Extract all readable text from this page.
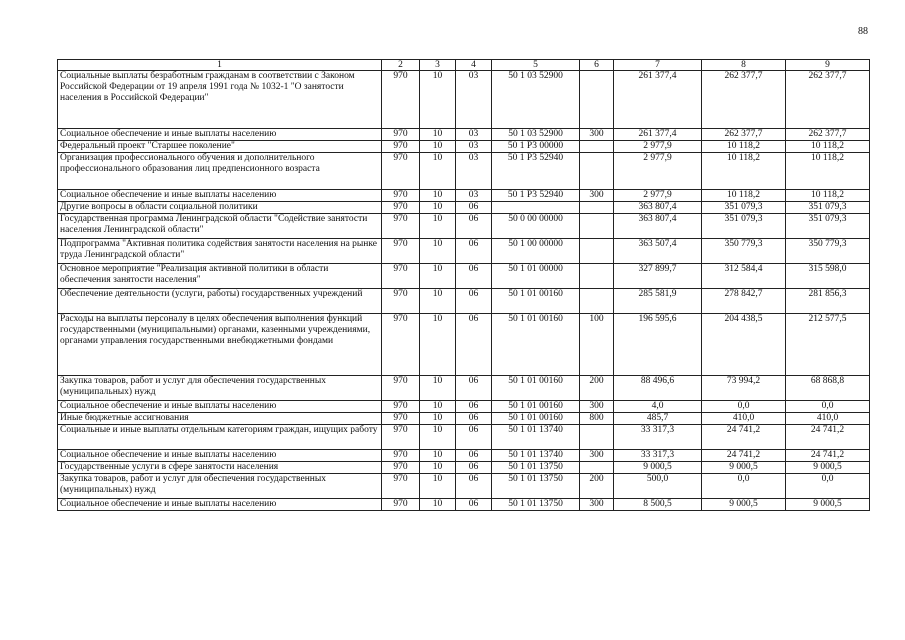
88
1	2	3	4	5	6	7	8	9
Социальные выплаты безработным гражданам в соответствии с Законом Российской Федерации от 19 апреля 1991 года № 1032-1 "О занятости населения в Российской Федерации"	970	10	03	50 1 03 52900		261 377,4	262 377,7	262 377,7
Социальное обеспечение и иные выплаты населению	970	10	03	50 1 03 52900	300	261 377,4	262 377,7	262 377,7
Федеральный проект "Старшее поколение"	970	10	03	50 1 P3 00000		2 977,9	10 118,2	10 118,2
Организация профессионального обучения и дополнительного профессионального образования лиц предпенсионного возраста	970	10	03	50 1 P3 52940		2 977,9	10 118,2	10 118,2
Социальное обеспечение и иные выплаты населению	970	10	03	50 1 P3 52940	300	2 977,9	10 118,2	10 118,2
Другие вопросы в области социальной политики	970	10	06			363 807,4	351 079,3	351 079,3
Государственная программа Ленинградской области "Содействие занятости населения Ленинградской области"	970	10	06	50 0 00 00000		363 807,4	351 079,3	351 079,3
Подпрограмма "Активная политика содействия занятости населения на рынке труда Ленинградской области"	970	10	06	50 1 00 00000		363 507,4	350 779,3	350 779,3
Основное мероприятие "Реализация активной политики в области обеспечения занятости населения"	970	10	06	50 1 01 00000		327 899,7	312 584,4	315 598,0
Обеспечение деятельности (услуги, работы) государственных учреждений	970	10	06	50 1 01 00160		285 581,9	278 842,7	281 856,3
Расходы на выплаты персоналу в целях обеспечения выполнения функций государственными (муниципальными) органами, казенными учреждениями, органами управления государственными внебюджетными фондами	970	10	06	50 1 01 00160	100	196 595,6	204 438,5	212 577,5
Закупка товаров, работ и услуг для обеспечения государственных (муниципальных) нужд	970	10	06	50 1 01 00160	200	88 496,6	73 994,2	68 868,8
Социальное обеспечение и иные выплаты населению	970	10	06	50 1 01 00160	300	4,0	0,0	0,0
Иные бюджетные ассигнования	970	10	06	50 1 01 00160	800	485,7	410,0	410,0
Социальные и иные выплаты отдельным категориям граждан, ищущих работу	970	10	06	50 1 01 13740		33 317,3	24 741,2	24 741,2
Социальное обеспечение и иные выплаты населению	970	10	06	50 1 01 13740	300	33 317,3	24 741,2	24 741,2
Государственные услуги в сфере занятости населения	970	10	06	50 1 01 13750		9 000,5	9 000,5	9 000,5
Закупка товаров, работ и услуг для обеспечения государственных (муниципальных) нужд	970	10	06	50 1 01 13750	200	500,0	0,0	0,0
Социальное обеспечение и иные выплаты населению	970	10	06	50 1 01 13750	300	8 500,5	9 000,5	9 000,5
